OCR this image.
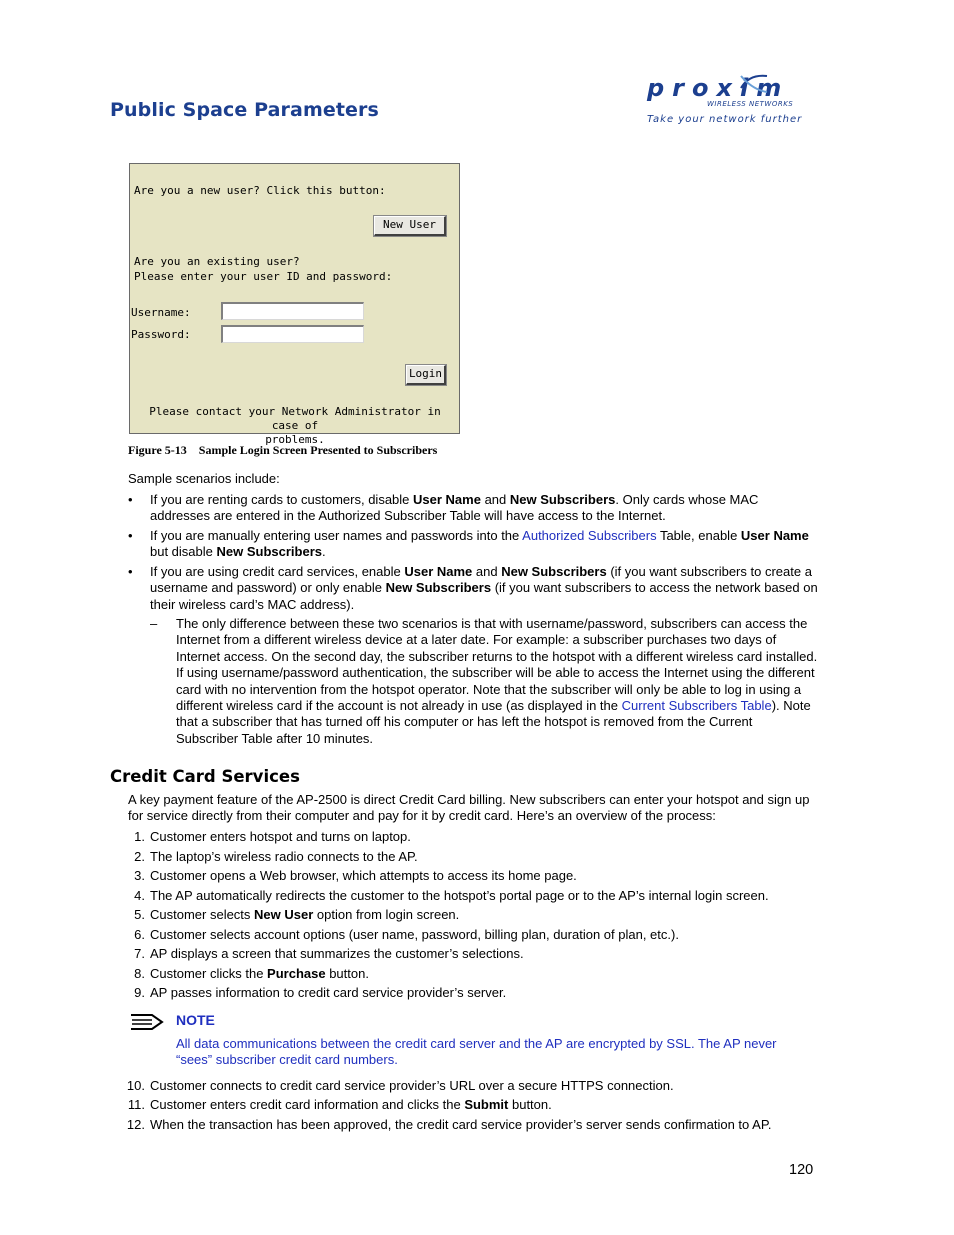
Public Space Parameters
proxim
WIRELESS NETWORKS
Take your network further
Are you a new user? Click this button:
New User
Are you an existing user?
Please enter your user ID and password:
Username:
Password:
Login
Please contact your Network Administrator in case of
problems.
Figure 5-13 Sample Login Screen Presented to Subscribers
Sample scenarios include:
• If you are renting cards to customers, disable User Name and New Subscribers. Only cards whose MAC addresses are entered in the Authorized Subscriber Table will have access to the Internet.
• If you are manually entering user names and passwords into the Authorized Subscribers Table, enable User Name but disable New Subscribers.
• If you are using credit card services, enable User Name and New Subscribers (if you want subscribers to create a username and password) or only enable New Subscribers (if you want subscribers to access the network based on their wireless card’s MAC address).
– The only difference between these two scenarios is that with username/password, subscribers can access the Internet from a different wireless device at a later date. For example: a subscriber purchases two days of Internet access. On the second day, the subscriber returns to the hotspot with a different wireless card installed. If using username/password authentication, the subscriber will be able to access the Internet using the different card with no intervention from the hotspot operator. Note that the subscriber will only be able to log in using a different wireless card if the account is not already in use (as displayed in the Current Subscribers Table). Note that a subscriber that has turned off his computer or has left the hotspot is removed from the Current Subscriber Table after 10 minutes.
Credit Card Services
A key payment feature of the AP-2500 is direct Credit Card billing. New subscribers can enter your hotspot and sign up for service directly from their computer and pay for it by credit card. Here’s an overview of the process:
1. Customer enters hotspot and turns on laptop.
2. The laptop’s wireless radio connects to the AP.
3. Customer opens a Web browser, which attempts to access its home page.
4. The AP automatically redirects the customer to the hotspot’s portal page or to the AP’s internal login screen.
5. Customer selects New User option from login screen.
6. Customer selects account options (user name, password, billing plan, duration of plan, etc.).
7. AP displays a screen that summarizes the customer’s selections.
8. Customer clicks the Purchase button.
9. AP passes information to credit card service provider’s server.
NOTE
All data communications between the credit card server and the AP are encrypted by SSL. The AP never “sees” subscriber credit card numbers.
10. Customer connects to credit card service provider’s URL over a secure HTTPS connection.
11. Customer enters credit card information and clicks the Submit button.
12. When the transaction has been approved, the credit card service provider’s server sends confirmation to AP.
120
